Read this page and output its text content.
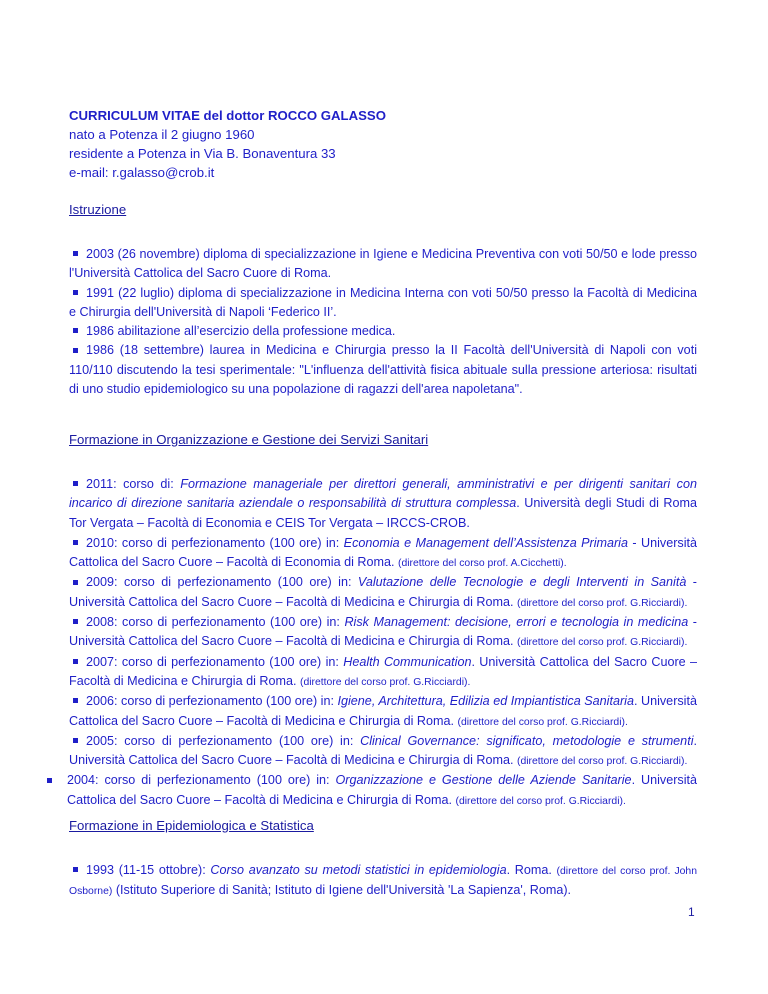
CURRICULUM VITAE del dottor ROCCO GALASSO
nato a Potenza il 2 giugno 1960
residente a Potenza in Via B. Bonaventura 33
e-mail: r.galasso@crob.it
Istruzione

2003 (26 novembre) diploma di specializzazione in Igiene e Medicina Preventiva con voti 50/50 e lode presso l'Università Cattolica del Sacro Cuore di Roma.

1991 (22 luglio) diploma di specializzazione in Medicina Interna con voti 50/50 presso la Facoltà di Medicina e Chirurgia dell'Università di Napoli ‘Federico II’.

1986 abilitazione all’esercizio della professione medica.

1986 (18 settembre) laurea in Medicina e Chirurgia presso la II Facoltà dell'Università di Napoli con voti 110/110 discutendo la tesi sperimentale: "L'influenza dell'attività fisica abituale sulla pressione arteriosa: risultati di uno studio epidemiologico su una popolazione di ragazzi dell'area napoletana".

Formazione in Organizzazione e Gestione dei Servizi Sanitari

2011: corso di: Formazione manageriale per direttori generali, amministrativi e per dirigenti sanitari con incarico di direzione sanitaria aziendale o responsabilità di struttura complessa. Università degli Studi di Roma Tor Vergata – Facoltà di Economia e CEIS Tor Vergata – IRCCS-CROB.

2010: corso di perfezionamento (100 ore) in: Economia e Management dell’Assistenza Primaria - Università Cattolica del Sacro Cuore – Facoltà di Economia di Roma. (direttore del corso prof. A.Cicchetti).

2009: corso di perfezionamento (100 ore) in: Valutazione delle Tecnologie e degli Interventi in Sanità - Università Cattolica del Sacro Cuore – Facoltà di Medicina e Chirurgia di Roma. (direttore del corso prof. G.Ricciardi).

2008: corso di perfezionamento (100 ore) in: Risk Management: decisione, errori e tecnologia in medicina - Università Cattolica del Sacro Cuore – Facoltà di Medicina e Chirurgia di Roma. (direttore del corso prof. G.Ricciardi).

2007: corso di perfezionamento (100 ore) in: Health Communication. Università Cattolica del Sacro Cuore – Facoltà di Medicina e Chirurgia di Roma. (direttore del corso prof. G.Ricciardi).

2006: corso di perfezionamento (100 ore) in: Igiene, Architettura, Edilizia ed Impiantistica Sanitaria. Università Cattolica del Sacro Cuore – Facoltà di Medicina e Chirurgia di Roma. (direttore del corso prof. G.Ricciardi).

2005: corso di perfezionamento (100 ore) in: Clinical Governance: significato, metodologie e strumenti. Università Cattolica del Sacro Cuore – Facoltà di Medicina e Chirurgia di Roma. (direttore del corso prof. G.Ricciardi).

2004: corso di perfezionamento (100 ore) in: Organizzazione e Gestione delle Aziende Sanitarie. Università Cattolica del Sacro Cuore – Facoltà di Medicina e Chirurgia di Roma. (direttore del corso prof. G.Ricciardi).

Formazione in Epidemiologica e Statistica

1993 (11-15 ottobre): Corso avanzato su metodi statistici in epidemiologia. Roma. (direttore del corso prof. John Osborne) (Istituto Superiore di Sanità; Istituto di Igiene dell'Università 'La Sapienza', Roma).

1
